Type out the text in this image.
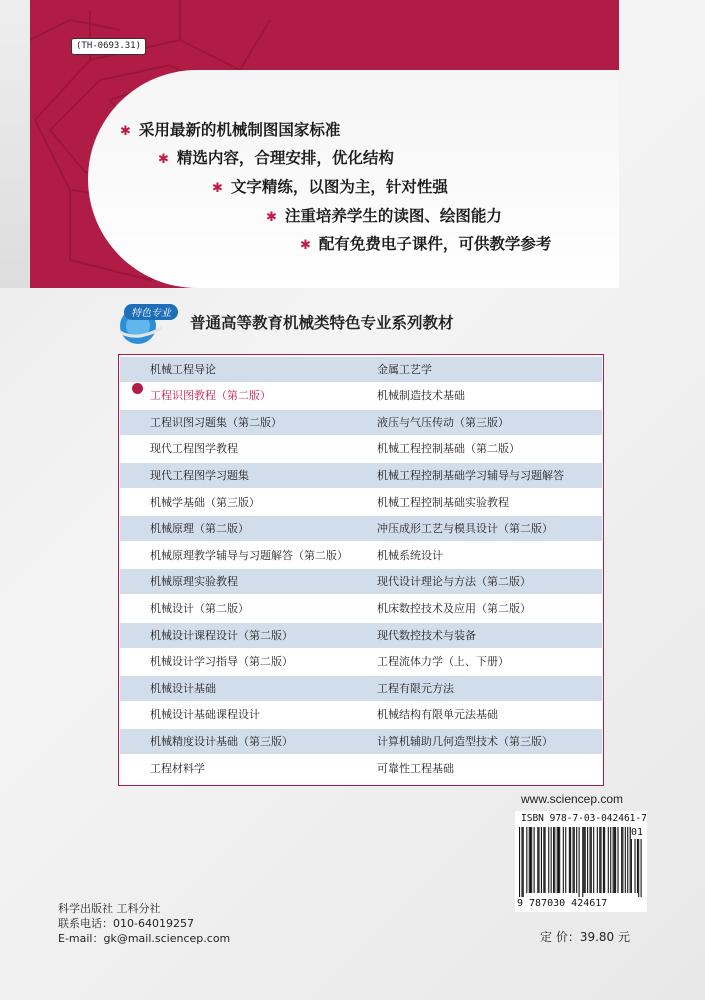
(TH-0693.31)
✱ 采用最新的机械制图国家标准
✱ 精选内容，合理安排，优化结构
✱ 文字精练，以图为主，针对性强
✱ 注重培养学生的读图、绘图能力
✱ 配有免费电子课件，可供教学参考
特色专业 普通高等教育机械类特色专业系列教材
机械工程导论	金属工艺学
工程识图教程（第二版）	机械制造技术基础
工程识图习题集（第二版）	液压与气压传动（第三版）
现代工程图学教程	机械工程控制基础（第二版）
现代工程图学习题集	机械工程控制基础学习辅导与习题解答
机械学基础（第三版）	机械工程控制基础实验教程
机械原理（第二版）	冲压成形工艺与模具设计（第二版）
机械原理教学辅导与习题解答（第二版）	机械系统设计
机械原理实验教程	现代设计理论与方法（第二版）
机械设计（第二版）	机床数控技术及应用（第二版）
机械设计课程设计（第二版）	现代数控技术与装备
机械设计学习指导（第二版）	工程流体力学（上、下册）
机械设计基础	工程有限元方法
机械设计基础课程设计	机械结构有限单元法基础
机械精度设计基础（第三版）	计算机辅助几何造型技术（第三版）
工程材料学	可靠性工程基础
www.sciencep.com
ISBN 978-7-03-042461-7
01
9 787030 424617
定 价：39.80 元
科学出版社 工科分社
联系电话：010-64019257
E-mail：gk@mail.sciencep.com
